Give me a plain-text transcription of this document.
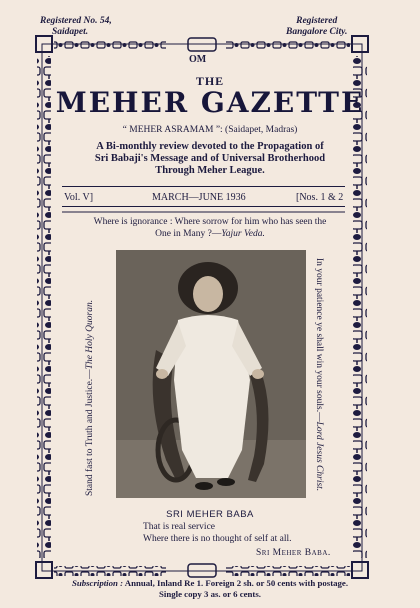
Registered No. 54,
Saidapet.
Registered
Bangalore City.
OM
THE
MEHER GAZETTE
“ MEHER ASRAMAM ”: (Saidapet, Madras)
A Bi-monthly review devoted to the Propagation of
Sri Babaji's Message and of Universal Brotherhood
Through Meher League.
Vol. V]	MARCH—JUNE 1936	[Nos. 1 & 2
Where is ignorance : Where sorrow for him who has seen the
One in Many ?—Yajur Veda.
Stand fast to Truth and Justice.—The Holy Quoran.	In your patience ye shall win your souls.—Lord Jesus Christ.
SRI MEHER BABA
That is real service
Where there is no thought of self at all.
Sri Meher Baba.
Subscription : Annual, Inland Re 1. Foreign 2 sh. or 50 cents with postage.
Single copy 3 as. or 6 cents.
